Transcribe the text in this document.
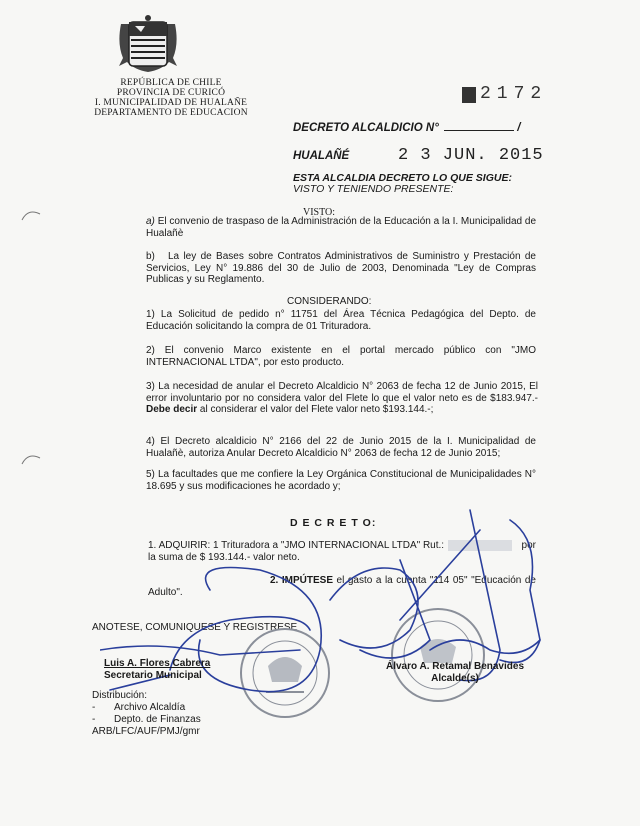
REPÚBLICA DE CHILE
PROVINCIA DE CURICÓ
I. MUNICIPALIDAD DE HUALAÑE
DEPARTAMENTO DE EDUCACION
2172
DECRETO ALCALDICIO N°	/
HUALAÑÉ	2 3 JUN. 2015
ESTA ALCALDIA DECRETO LO QUE SIGUE:
VISTO Y TENIENDO PRESENTE:
VISTO:
a) El convenio de traspaso de la Administración de la Educación a la I. Municipalidad de Hualañè
b) La ley de Bases sobre Contratos Administrativos de Suministro y Prestación de Servicios, Ley N° 19.886 del 30 de Julio de 2003, Denominada "Ley de Compras Publicas y su Reglamento.
CONSIDERANDO:
1) La Solicitud de pedido n° 11751 del Área Técnica Pedagógica del Depto. de Educación solicitando la compra de 01 Trituradora.
2) El convenio Marco existente en el portal mercado público con "JMO INTERNACIONAL LTDA", por esto producto.
3) La necesidad de anular el Decreto Alcaldicio N° 2063 de fecha 12 de Junio 2015, El error involuntario por no considera valor del Flete lo que el valor neto es de $183.947.- Debe decir al considerar el valor del Flete valor neto $193.144.-;
4) El Decreto alcaldicio N° 2166 del 22 de Junio 2015 de la I. Municipalidad de Hualañè, autoriza Anular Decreto Alcaldicio N° 2063 de fecha 12 de Junio 2015;
5) La facultades que me confiere la Ley Orgánica Constitucional de Municipalidades N° 18.695 y sus modificaciones he acordado y;
D E C R E T O:
1. ADQUIRIR: 1 Trituradora a "JMO INTERNACIONAL LTDA" Rut.:	por
la suma de $ 193.144.- valor neto.
2. IMPÚTESE el gasto a la cuenta "114 05" "Educación de Adulto".
ANOTESE, COMUNIQUESE Y REGISTRESE
Luis A. Flores Cabrera
Secretario Municipal
Álvaro A. Retamal Benavides
Alcalde(s)
Distribución:
-	Archivo Alcaldía
-	Depto. de Finanzas
ARB/LFC/AUF/PMJ/gmr
